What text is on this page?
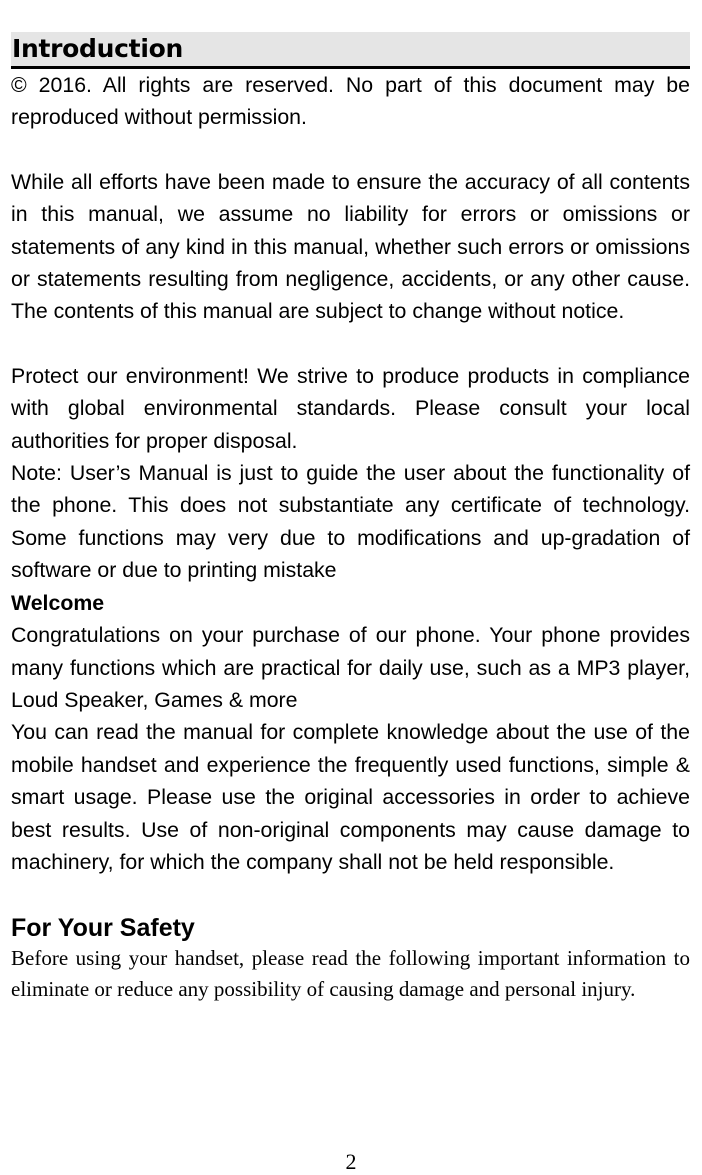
Introduction

© 2016. All rights are reserved. No part of this document may be reproduced without permission.

While all efforts have been made to ensure the accuracy of all contents in this manual, we assume no liability for errors or omissions or statements of any kind in this manual, whether such errors or omissions or statements resulting from negligence, accidents, or any other cause. The contents of this manual are subject to change without notice.

Protect our environment! We strive to produce products in compliance with global environmental standards. Please consult your local authorities for proper disposal.

Note: User’s Manual is just to guide the user about the functionality of the phone. This does not substantiate any certificate of technology. Some functions may very due to modifications and up-gradation of software or due to printing mistake

Welcome

Congratulations on your purchase of our phone. Your phone provides many functions which are practical for daily use, such as a MP3 player, Loud Speaker, Games & more

You can read the manual for complete knowledge about the use of the mobile handset and experience the frequently used functions, simple & smart usage. Please use the original accessories in order to achieve best results. Use of non-original components may cause damage to machinery, for which the company shall not be held responsible.

For Your Safety

Before using your handset, please read the following important information to eliminate or reduce any possibility of causing damage and personal injury.

2
